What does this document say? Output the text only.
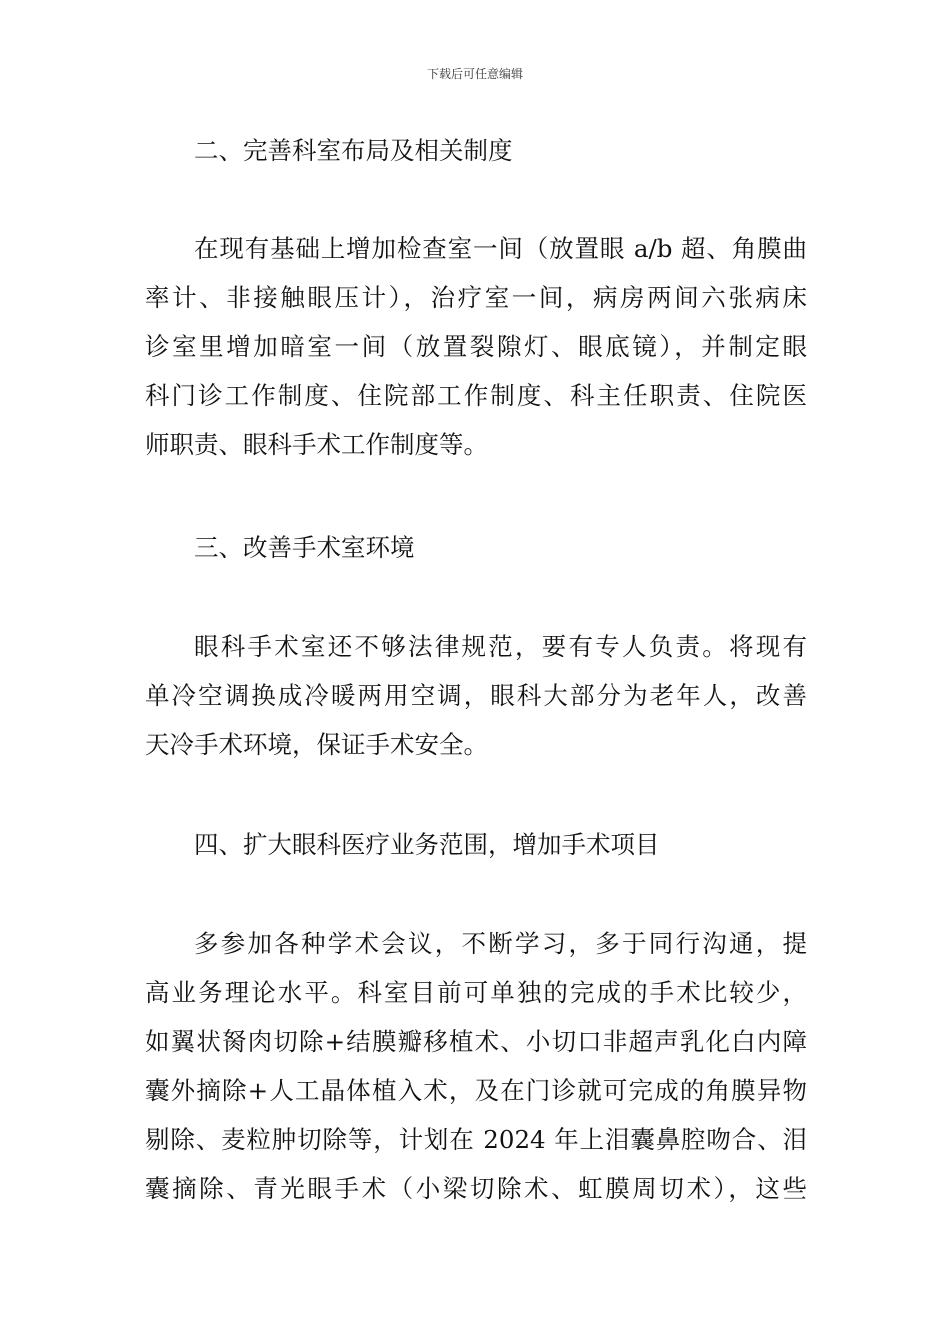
下载后可任意编辑
二、完善科室布局及相关制度
在现有基础上增加检查室一间（放置眼 a/b 超、角膜曲
率计、非接触眼压计），治疗室一间，病房两间六张病床
诊室里增加暗室一间（放置裂隙灯、眼底镜），并制定眼
科门诊工作制度、住院部工作制度、科主任职责、住院医
师职责、眼科手术工作制度等。
三、改善手术室环境
眼科手术室还不够法律规范，要有专人负责。将现有
单冷空调换成冷暖两用空调，眼科大部分为老年人，改善
天冷手术环境，保证手术安全。
四、扩大眼科医疗业务范围，增加手术项目
多参加各种学术会议，不断学习，多于同行沟通，提
高业务理论水平。科室目前可单独的完成的手术比较少，
如翼状胬肉切除+结膜瓣移植术、小切口非超声乳化白内障
囊外摘除+人工晶体植入术，及在门诊就可完成的角膜异物
剔除、麦粒肿切除等，计划在 2024 年上泪囊鼻腔吻合、泪
囊摘除、青光眼手术（小梁切除术、虹膜周切术），这些
